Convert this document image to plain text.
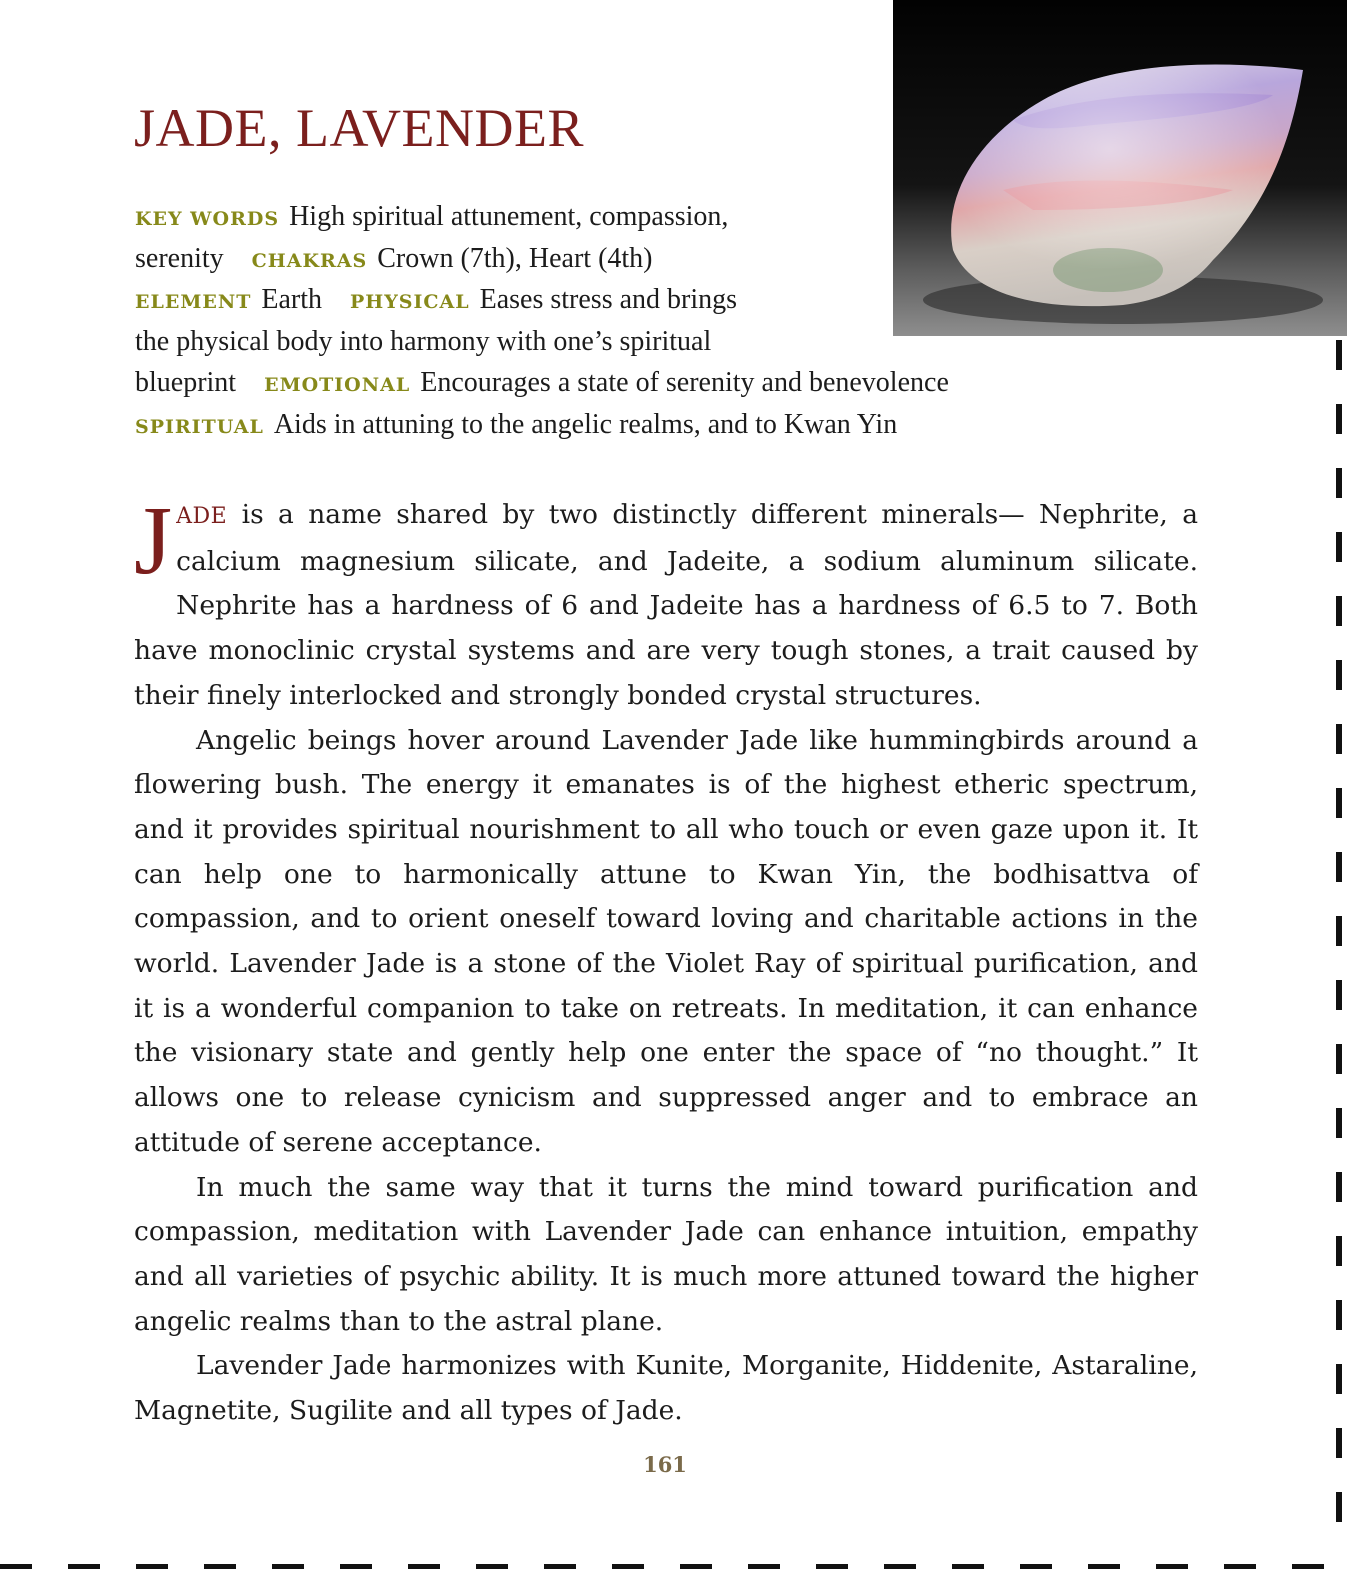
JADE, LAVENDER
KEY WORDS High spiritual attunement, compassion,
serenity CHAKRAS Crown (7th), Heart (4th)
ELEMENT Earth PHYSICAL Eases stress and brings
the physical body into harmony with one’s spiritual
blueprint EMOTIONAL Encourages a state of serenity and benevolence
SPIRITUAL Aids in attuning to the angelic realms, and to Kwan Yin

JADE is a name shared by two distinctly different minerals— Nephrite, a calcium magnesium silicate, and Jadeite, a sodium aluminum silicate. Nephrite has a hardness of 6 and Jadeite has a hardness of 6.5 to 7. Both have monoclinic crystal systems and are very tough stones, a trait caused by their finely interlocked and strongly bonded crystal structures.

Angelic beings hover around Lavender Jade like hummingbirds around a flowering bush. The energy it emanates is of the highest etheric spectrum, and it provides spiritual nourishment to all who touch or even gaze upon it. It can help one to harmonically attune to Kwan Yin, the bodhisattva of compassion, and to orient oneself toward loving and charitable actions in the world. Lavender Jade is a stone of the Violet Ray of spiritual purification, and it is a wonderful companion to take on retreats. In meditation, it can enhance the visionary state and gently help one enter the space of “no thought.” It allows one to release cynicism and suppressed anger and to embrace an attitude of serene acceptance.

In much the same way that it turns the mind toward purification and compassion, meditation with Lavender Jade can enhance intuition, empathy and all varieties of psychic ability. It is much more attuned toward the higher angelic realms than to the astral plane.

Lavender Jade harmonizes with Kunite, Morganite, Hiddenite, Astaraline, Magnetite, Sugilite and all types of Jade.

161
